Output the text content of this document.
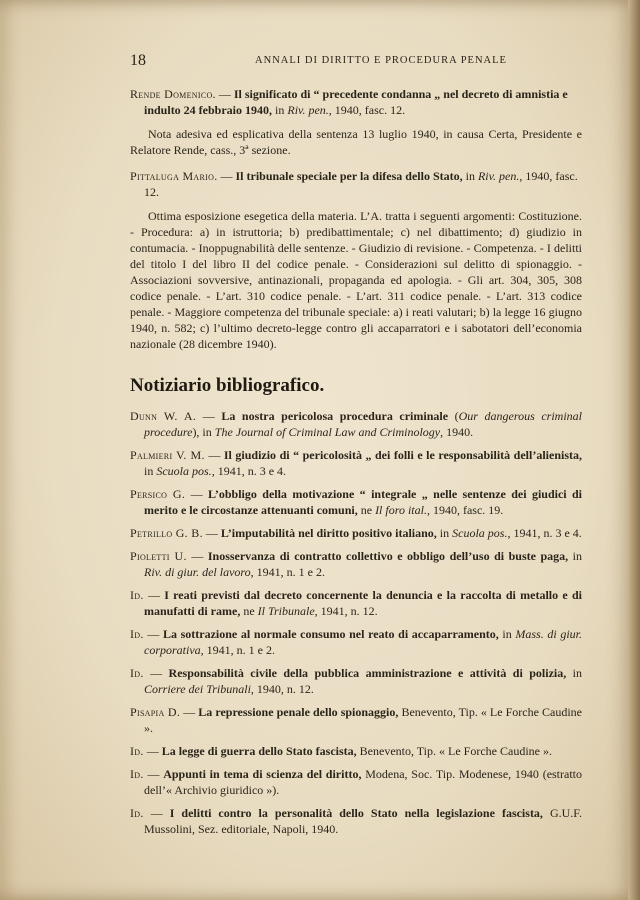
18	ANNALI DI DIRITTO E PROCEDURA PENALE

Rende Domenico. — Il significato di “ precedente condanna „ nel decreto di amnistia e indulto 24 febbraio 1940, in Riv. pen., 1940, fasc. 12.

Nota adesiva ed esplicativa della sentenza 13 luglio 1940, in causa Certa, Presidente e Relatore Rende, cass., 3ª sezione.

Pittaluga Mario. — Il tribunale speciale per la difesa dello Stato, in Riv. pen., 1940, fasc. 12.

Ottima esposizione esegetica della materia. L’A. tratta i seguenti argomenti: Costituzione. - Procedura: a) in istruttoria; b) predibattimentale; c) nel dibattimento; d) giudizio in contumacia. - Inoppugnabilità delle sentenze. - Giudizio di revisione. - Competenza. - I delitti del titolo I del libro II del codice penale. - Considerazioni sul delitto di spionaggio. - Associazioni sovversive, antinazionali, propaganda ed apologia. - Gli art. 304, 305, 308 codice penale. - L’art. 310 codice penale. - L’art. 311 codice penale. - L’art. 313 codice penale. - Maggiore competenza del tribunale speciale: a) i reati valutari; b) la legge 16 giugno 1940, n. 582; c) l’ultimo decreto-legge contro gli accaparratori e i sabotatori dell’economia nazionale (28 dicembre 1940).

Notiziario bibliografico.

Dunn W. A. — La nostra pericolosa procedura criminale (Our dangerous criminal procedure), in The Journal of Criminal Law and Criminology, 1940.

Palmieri V. M. — Il giudizio di “ pericolosità „ dei folli e le responsabilità dell’alienista, in Scuola pos., 1941, n. 3 e 4.

Persico G. — L’obbligo della motivazione “ integrale „ nelle sentenze dei giudici di merito e le circostanze attenuanti comuni, ne Il foro ital., 1940, fasc. 19.

Petrillo G. B. — L’imputabilità nel diritto positivo italiano, in Scuola pos., 1941, n. 3 e 4.

Pioletti U. — Inosservanza di contratto collettivo e obbligo dell’uso di buste paga, in Riv. di giur. del lavoro, 1941, n. 1 e 2.

Id. — I reati previsti dal decreto concernente la denuncia e la raccolta di metallo e di manufatti di rame, ne Il Tribunale, 1941, n. 12.

Id. — La sottrazione al normale consumo nel reato di accaparramento, in Mass. di giur. corporativa, 1941, n. 1 e 2.

Id. — Responsabilità civile della pubblica amministrazione e attività di polizia, in Corriere dei Tribunali, 1940, n. 12.

Pisapia D. — La repressione penale dello spionaggio, Benevento, Tip. « Le Forche Caudine ».

Id. — La legge di guerra dello Stato fascista, Benevento, Tip. « Le Forche Caudine ».

Id. — Appunti in tema di scienza del diritto, Modena, Soc. Tip. Modenese, 1940 (estratto dell’« Archivio giuridico »).

Id. — I delitti contro la personalità dello Stato nella legislazione fascista, G.U.F. Mussolini, Sez. editoriale, Napoli, 1940.
